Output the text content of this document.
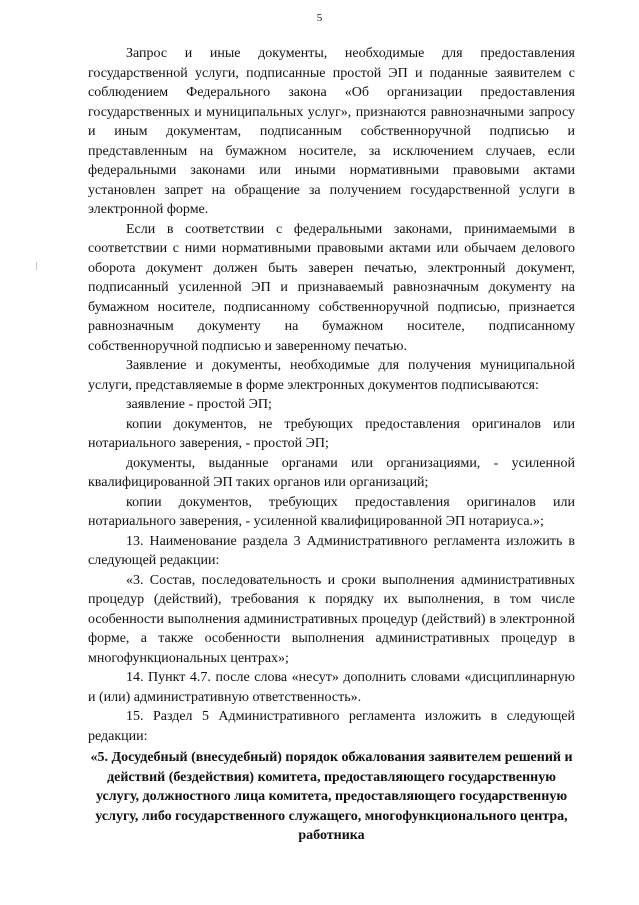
5

Запрос и иные документы, необходимые для предоставления государственной услуги, подписанные простой ЭП и поданные заявителем с соблюдением Федерального закона «Об организации предоставления государственных и муниципальных услуг», признаются равнозначными запросу и иным документам, подписанным собственноручной подписью и представленным на бумажном носителе, за исключением случаев, если федеральными законами или иными нормативными правовыми актами установлен запрет на обращение за получением государственной услуги в электронной форме.

Если в соответствии с федеральными законами, принимаемыми в соответствии с ними нормативными правовыми актами или обычаем делового оборота документ должен быть заверен печатью, электронный документ, подписанный усиленной ЭП и признаваемый равнозначным документу на бумажном носителе, подписанному собственноручной подписью, признается равнозначным документу на бумажном носителе, подписанному собственноручной подписью и заверенному печатью.

Заявление и документы, необходимые для получения муниципальной услуги, представляемые в форме электронных документов подписываются:

заявление - простой ЭП;

копии документов, не требующих предоставления оригиналов или нотариального заверения, - простой ЭП;

документы, выданные органами или организациями, - усиленной квалифицированной ЭП таких органов или организаций;

копии документов, требующих предоставления оригиналов или нотариального заверения, - усиленной квалифицированной ЭП нотариуса.»;

13. Наименование раздела 3 Административного регламента изложить в следующей редакции:

«3. Состав, последовательность и сроки выполнения административных процедур (действий), требования к порядку их выполнения, в том числе особенности выполнения административных процедур (действий) в электронной форме, а также особенности выполнения административных процедур в многофункциональных центрах»;

14. Пункт 4.7. после слова «несут» дополнить словами «дисциплинарную и (или) административную ответственность».

15. Раздел 5 Административного регламента изложить в следующей редакции:

«5. Досудебный (внесудебный) порядок обжалования заявителем решений и действий (бездействия) комитета, предоставляющего государственную услугу, должностного лица комитета, предоставляющего государственную услугу, либо государственного служащего, многофункционального центра, работника
